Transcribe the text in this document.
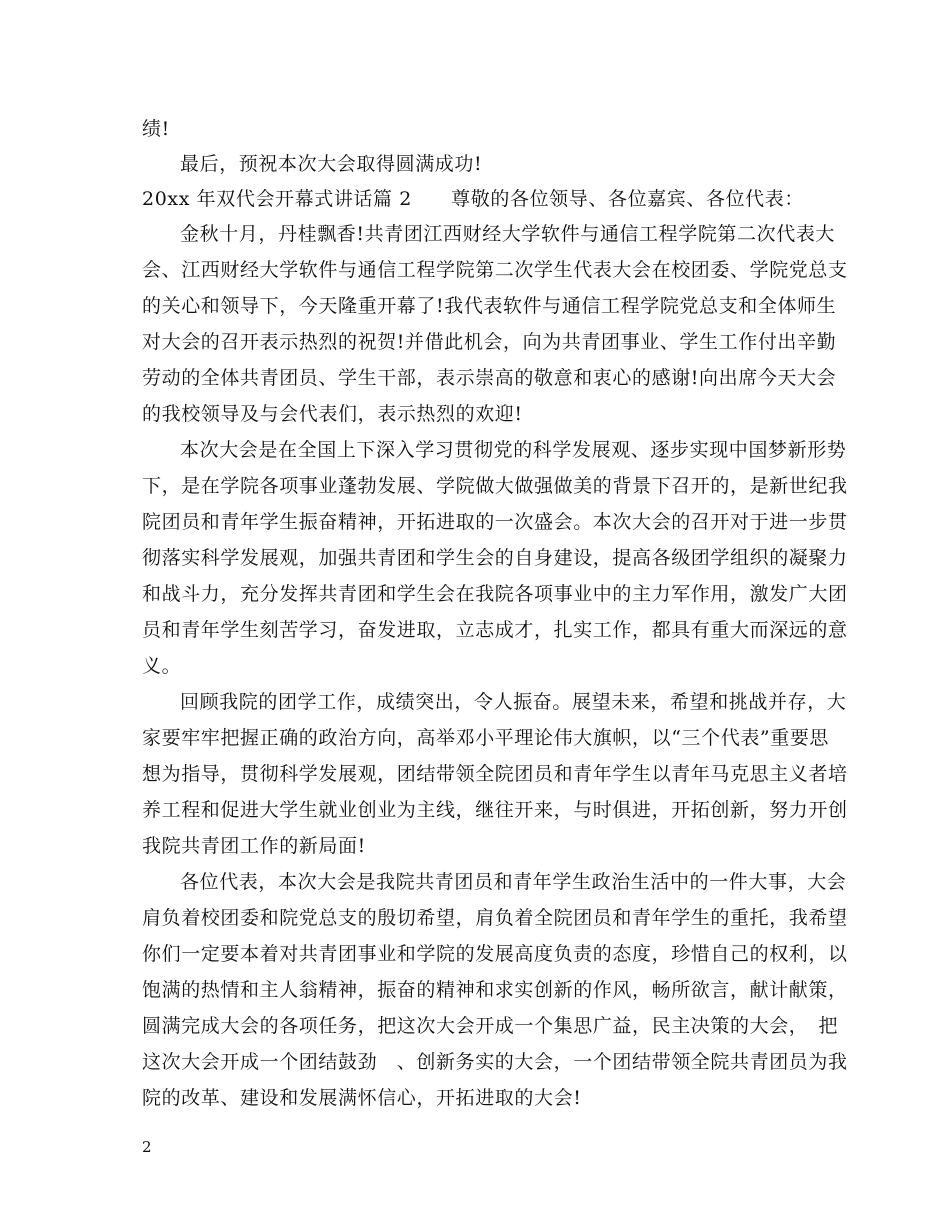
绩!
最后，预祝本次大会取得圆满成功!
20xx 年双代会开幕式讲话篇 2　　尊敬的各位领导、各位嘉宾、各位代表：
金秋十月，丹桂飘香!共青团江西财经大学软件与通信工程学院第二次代表大
会、江西财经大学软件与通信工程学院第二次学生代表大会在校团委、学院党总支
的关心和领导下，今天隆重开幕了!我代表软件与通信工程学院党总支和全体师生
对大会的召开表示热烈的祝贺!并借此机会，向为共青团事业、学生工作付出辛勤
劳动的全体共青团员、学生干部，表示崇高的敬意和衷心的感谢!向出席今天大会
的我校领导及与会代表们，表示热烈的欢迎!
本次大会是在全国上下深入学习贯彻党的科学发展观、逐步实现中国梦新形势
下，是在学院各项事业蓬勃发展、学院做大做强做美的背景下召开的，是新世纪我
院团员和青年学生振奋精神，开拓进取的一次盛会。本次大会的召开对于进一步贯
彻落实科学发展观，加强共青团和学生会的自身建设，提高各级团学组织的凝聚力
和战斗力，充分发挥共青团和学生会在我院各项事业中的主力军作用，激发广大团
员和青年学生刻苦学习，奋发进取，立志成才，扎实工作，都具有重大而深远的意
义。
回顾我院的团学工作，成绩突出，令人振奋。展望未来，希望和挑战并存，大
家要牢牢把握正确的政治方向，高举邓小平理论伟大旗帜，以“三个代表”重要思
想为指导，贯彻科学发展观，团结带领全院团员和青年学生以青年马克思主义者培
养工程和促进大学生就业创业为主线，继往开来，与时俱进，开拓创新，努力开创
我院共青团工作的新局面!
各位代表，本次大会是我院共青团员和青年学生政治生活中的一件大事，大会
肩负着校团委和院党总支的殷切希望，肩负着全院团员和青年学生的重托，我希望
你们一定要本着对共青团事业和学院的发展高度负责的态度，珍惜自己的权利，以
饱满的热情和主人翁精神，振奋的精神和求实创新的作风，畅所欲言，献计献策，
圆满完成大会的各项任务，把这次大会开成一个集思广益，民主决策的大会，　把
这次大会开成一个团结鼓劲　、创新务实的大会，一个团结带领全院共青团员为我
院的改革、建设和发展满怀信心，开拓进取的大会!
2
